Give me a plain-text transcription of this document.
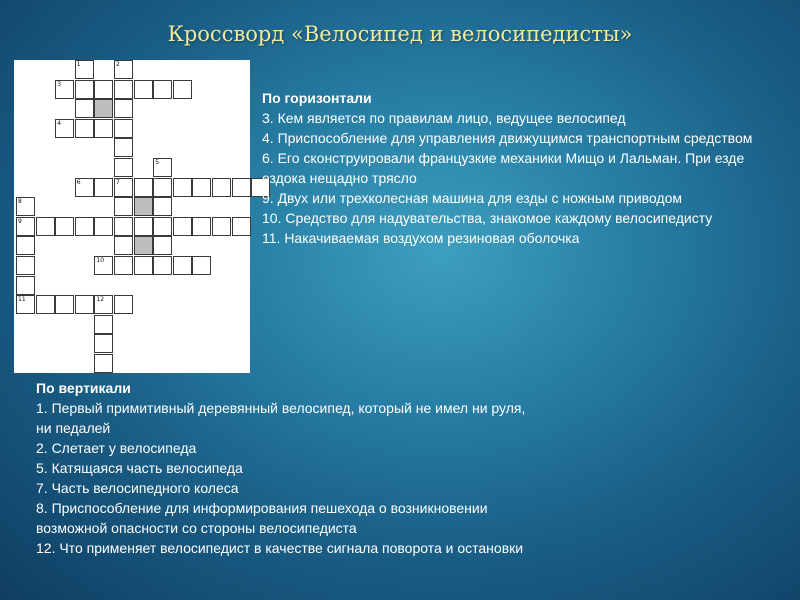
Кроссворд «Велосипед и велосипедисты»
3
4
6	7
9
10
11	12
1	2
5
8
По горизонтали
3. Кем является по правилам лицо, ведущее велосипед
4. Приспособление для управления движущимся транспортным средством
6. Его сконструировали французкие механики Мищо и Лальман. При езде ездока нещадно трясло
9. Двух или трехколесная машина для езды с ножным приводом
10. Средство для надувательства, знакомое каждому велосипедисту
11. Накачиваемая воздухом резиновая оболочка
По вертикали
1. Первый примитивный деревянный велосипед, который не имел ни руля,
ни педалей
2. Слетает у велосипеда
5. Катящаяся часть велосипеда
7. Часть велосипедного колеса
8. Приспособление для информирования пешехода о возникновении
возможной опасности со стороны велосипедиста
12. Что применяет велосипедист в качестве сигнала поворота и остановки
